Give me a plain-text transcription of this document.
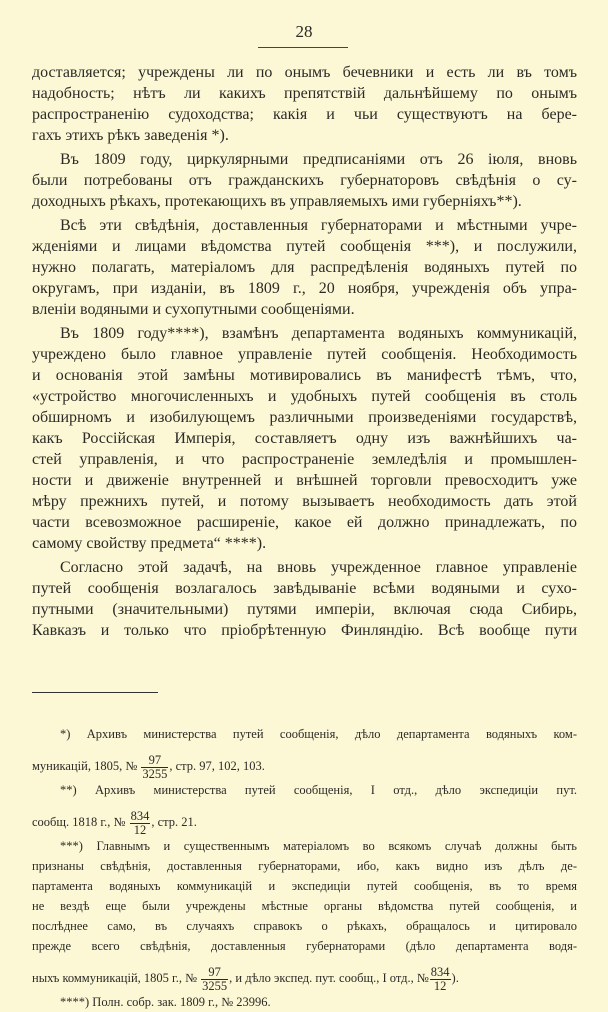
28
доставляется; учреждены ли по онымъ бечевники и есть ли въ томъ
надобность; нѣтъ ли какихъ препятствій дальнѣйшему по онымъ
распространенію судоходства; какія и чьи существуютъ на бере-
гахъ этихъ рѣкъ заведенія *).
Въ 1809 году, циркулярными предписаніями отъ 26 іюля, вновь
были потребованы отъ гражданскихъ губернаторовъ свѣдѣнія о су-
доходныхъ рѣкахъ, протекающихъ въ управляемыхъ ими губерніяхъ**).
Всѣ эти свѣдѣнія, доставленныя губернаторами и мѣстными учре-
жденіями и лицами вѣдомства путей сообщенія ***), и послужили,
нужно полагать, матеріаломъ для распредѣленія водяныхъ путей по
округамъ, при изданіи, въ 1809 г., 20 ноября, учрежденія объ упра-
вленіи водяными и сухопутными сообщеніями.
Въ 1809 году****), взамѣнъ департамента водяныхъ коммуникацій,
учреждено было главное управленіе путей сообщенія. Необходимость
и основанія этой замѣны мотивировались въ манифестѣ тѣмъ, что,
«устройство многочисленныхъ и удобныхъ путей сообщенія въ столь
обширномъ и изобилующемъ различными произведеніями государствѣ,
какъ Россійская Имперія, составляетъ одну изъ важнѣйшихъ ча-
стей управленія, и что распространеніе земледѣлія и промышлен-
ности и движеніе внутренней и внѣшней торговли превосходитъ уже
мѣру прежнихъ путей, и потому вызываетъ необходимость дать этой
части всевозможное расширеніе, какое ей должно принадлежать, по
самому свойству предмета“ ****).
Согласно этой задачѣ, на вновь учрежденное главное управленіе
путей сообщенія возлагалось завѣдываніе всѣми водяными и сухо-
путными (значительными) путями имперіи, включая сюда Сибирь,
Кавказъ и только что пріобрѣтенную Финляндію. Всѣ вообще пути
*) Архивъ министерства путей сообщенія, дѣло департамента водяныхъ ком-
муникацій, 1805, № $\frac{97}{3255}$ , стр. 97, 102, 103.
**) Архивъ министерства путей сообщенія, I отд., дѣло экспедиціи пут.
сообщ. 1818 г., № $\frac{834}{12}$ , стр. 21.
***) Главнымъ и существеннымъ матеріаломъ во всякомъ случаѣ должны быть
признаны свѣдѣнія, доставленныя губернаторами, ибо, какъ видно изъ дѣлъ де-
партамента водяныхъ коммуникацій и экспедиціи путей сообщенія, въ то время
не вездѣ еще были учреждены мѣстные органы вѣдомства путей сообщенія, и
послѣднее само, въ случаяхъ справокъ о рѣкахъ, обращалось и цитировало
прежде всего свѣдѣнія, доставленныя губернаторами (дѣло департамента водя-
ныхъ коммуникацій, 1805 г., № $\frac{97}{3255}$ , и дѣло экспед. пут. сообщ., I отд., № $\frac{834}{12}$ ).
****) Полн. собр. зак. 1809 г., № 23996.
